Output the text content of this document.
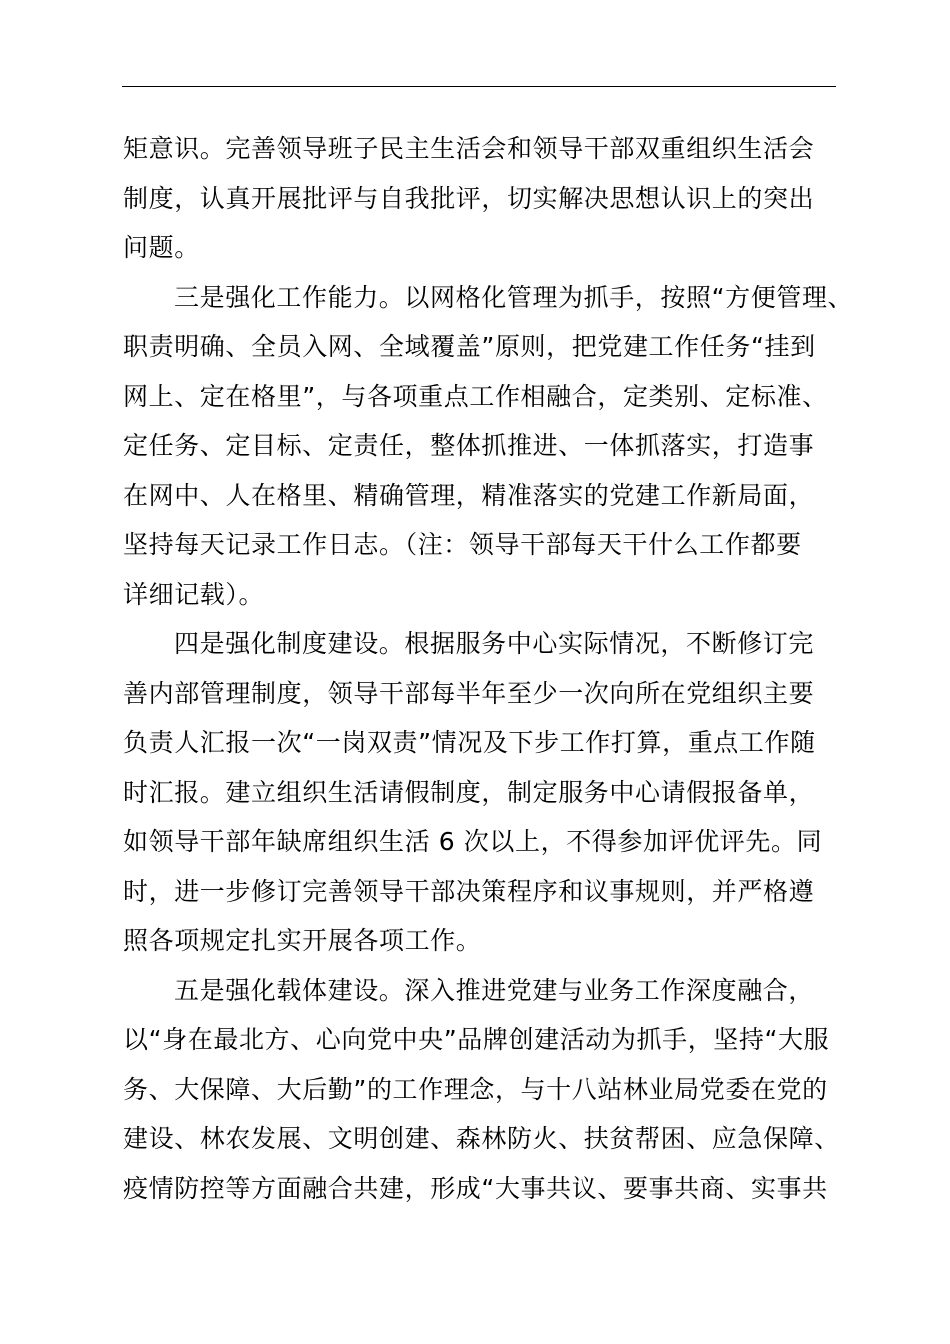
矩意识。完善领导班子民主生活会和领导干部双重组织生活会
制度，认真开展批评与自我批评，切实解决思想认识上的突出
问题。
三是强化工作能力。以网格化管理为抓手，按照“方便管理、
职责明确、全员入网、全域覆盖”原则，把党建工作任务“挂到
网上、定在格里”，与各项重点工作相融合，定类别、定标准、
定任务、定目标、定责任，整体抓推进、一体抓落实，打造事
在网中、人在格里、精确管理，精准落实的党建工作新局面，
坚持每天记录工作日志。（注：领导干部每天干什么工作都要
详细记载）。
四是强化制度建设。根据服务中心实际情况，不断修订完
善内部管理制度，领导干部每半年至少一次向所在党组织主要
负责人汇报一次“一岗双责”情况及下步工作打算，重点工作随
时汇报。建立组织生活请假制度，制定服务中心请假报备单，
如领导干部年缺席组织生活 6 次以上，不得参加评优评先。同
时，进一步修订完善领导干部决策程序和议事规则，并严格遵
照各项规定扎实开展各项工作。
五是强化载体建设。深入推进党建与业务工作深度融合，
以“身在最北方、心向党中央”品牌创建活动为抓手，坚持“大服
务、大保障、大后勤”的工作理念，与十八站林业局党委在党的
建设、林农发展、文明创建、森林防火、扶贫帮困、应急保障、
疫情防控等方面融合共建，形成“大事共议、要事共商、实事共
